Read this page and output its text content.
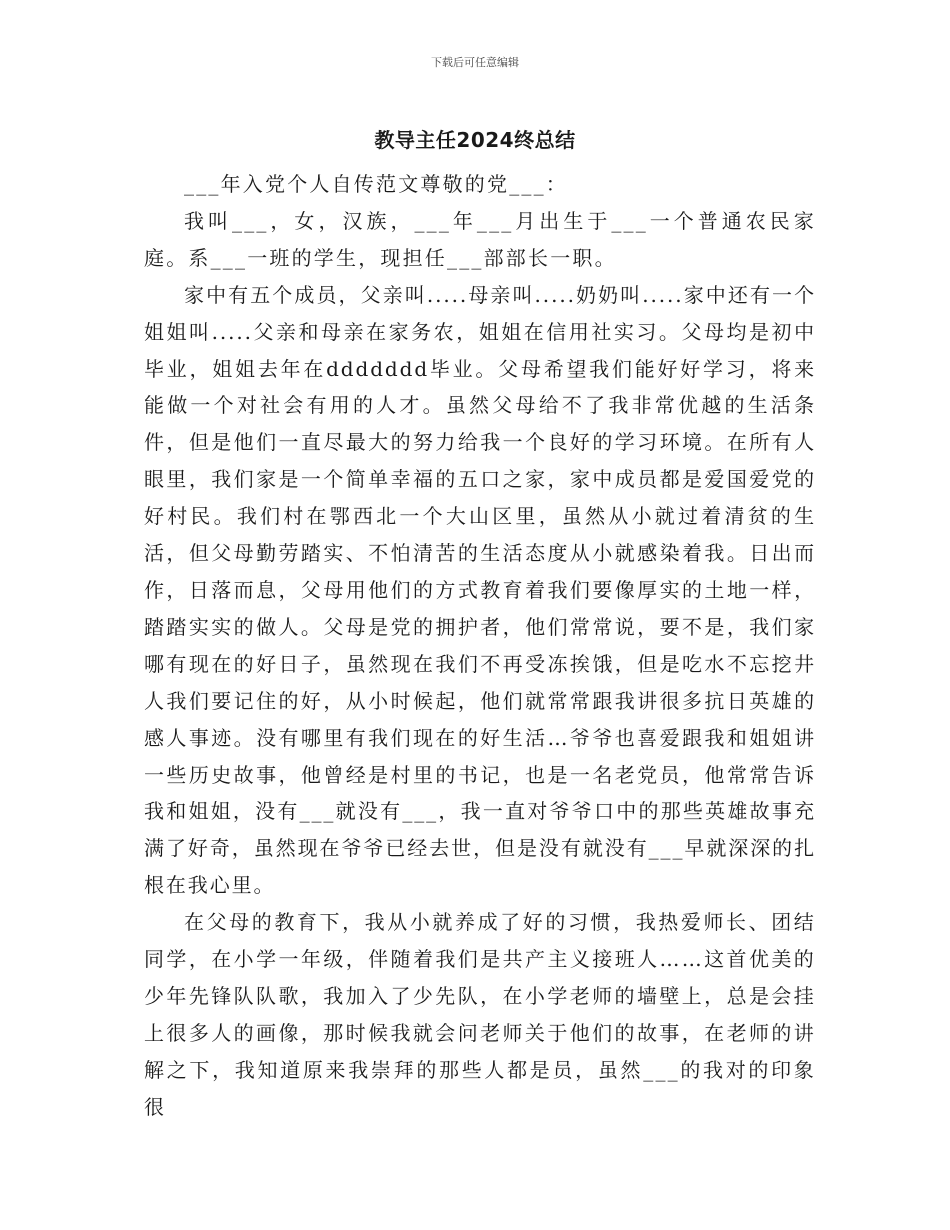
下载后可任意编辑
教导主任2024终总结

___年入党个人自传范文尊敬的党___：

我叫___，女，汉族，___年___月出生于___一个普通农民家庭。系___一班的学生，现担任___部部长一职。

家中有五个成员，父亲叫.....母亲叫.....奶奶叫.....家中还有一个姐姐叫.....父亲和母亲在家务农，姐姐在信用社实习。父母均是初中毕业，姐姐去年在ddddddd毕业。父母希望我们能好好学习，将来能做一个对社会有用的人才。虽然父母给不了我非常优越的生活条件，但是他们一直尽最大的努力给我一个良好的学习环境。在所有人眼里，我们家是一个简单幸福的五口之家，家中成员都是爱国爱党的好村民。我们村在鄂西北一个大山区里，虽然从小就过着清贫的生活，但父母勤劳踏实、不怕清苦的生活态度从小就感染着我。日出而作，日落而息，父母用他们的方式教育着我们要像厚实的土地一样，踏踏实实的做人。父母是党的拥护者，他们常常说，要不是，我们家哪有现在的好日子，虽然现在我们不再受冻挨饿，但是吃水不忘挖井人我们要记住的好，从小时候起，他们就常常跟我讲很多抗日英雄的感人事迹。没有哪里有我们现在的好生活…爷爷也喜爱跟我和姐姐讲一些历史故事，他曾经是村里的书记，也是一名老党员，他常常告诉我和姐姐，没有___就没有___，我一直对爷爷口中的那些英雄故事充满了好奇，虽然现在爷爷已经去世，但是没有就没有___早就深深的扎根在我心里。

在父母的教育下，我从小就养成了好的习惯，我热爱师长、团结同学，在小学一年级，伴随着我们是共产主义接班人……这首优美的少年先锋队队歌，我加入了少先队，在小学老师的墙壁上，总是会挂上很多人的画像，那时候我就会问老师关于他们的故事，在老师的讲解之下，我知道原来我崇拜的那些人都是员，虽然___的我对的印象很
